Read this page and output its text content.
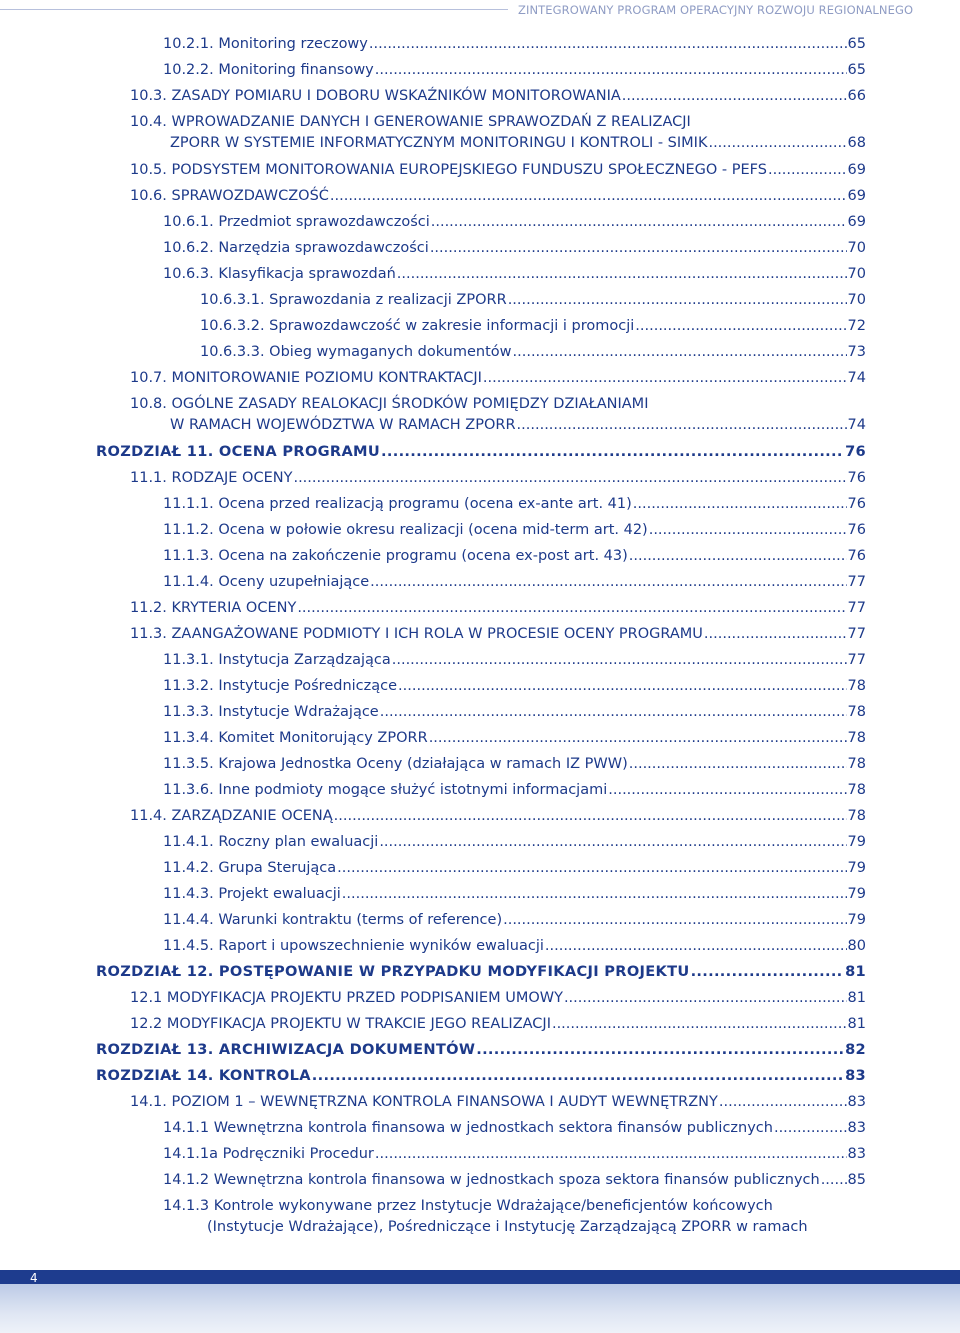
ZINTEGROWANY PROGRAM OPERACYJNY ROZWOJU REGIONALNEGO
10.2.1. Monitoring rzeczowy .....	65
10.2.2. Monitoring finansowy .....	65
10.3. ZASADY POMIARU I DOBORU WSKAŹNIKÓW MONITOROWANIA .....	66
10.4. WPROWADZANIE DANYCH I GENEROWANIE SPRAWOZDAŃ Z REALIZACJI
ZPORR W SYSTEMIE INFORMATYCZNYM MONITORINGU I KONTROLI - SIMIK .....	68
10.5. PODSYSTEM MONITOROWANIA EUROPEJSKIEGO FUNDUSZU SPOŁECZNEGO - PEFS .....	69
10.6. SPRAWOZDAWCZOŚĆ .....	69
10.6.1. Przedmiot sprawozdawczości .....	69
10.6.2. Narzędzia sprawozdawczości .....	70
10.6.3. Klasyfikacja sprawozdań .....	70
10.6.3.1. Sprawozdania z realizacji ZPORR .....	70
10.6.3.2. Sprawozdawczość w zakresie informacji i promocji .....	72
10.6.3.3. Obieg wymaganych dokumentów .....	73
10.7. MONITOROWANIE POZIOMU KONTRAKTACJI .....	74
10.8. OGÓLNE ZASADY REALOKACJI ŚRODKÓW POMIĘDZY DZIAŁANIAMI
W RAMACH WOJEWÓDZTWA W RAMACH ZPORR .....	74
ROZDZIAŁ 11. OCENA PROGRAMU .....	76
11.1. RODZAJE OCENY .....	76
11.1.1. Ocena przed realizacją programu (ocena ex-ante art. 41) .....	76
11.1.2. Ocena w połowie okresu realizacji (ocena mid-term art. 42) .....	76
11.1.3. Ocena na zakończenie programu (ocena ex-post art. 43) .....	76
11.1.4. Oceny uzupełniające .....	77
11.2. KRYTERIA OCENY .....	77
11.3. ZAANGAŻOWANE PODMIOTY I ICH ROLA W PROCESIE OCENY PROGRAMU .....	77
11.3.1. Instytucja Zarządzająca .....	77
11.3.2. Instytucje Pośredniczące .....	78
11.3.3. Instytucje Wdrażające .....	78
11.3.4. Komitet Monitorujący ZPORR .....	78
11.3.5. Krajowa Jednostka Oceny (działająca w ramach IZ PWW) .....	78
11.3.6. Inne podmioty mogące służyć istotnymi informacjami .....	78
11.4. ZARZĄDZANIE OCENĄ .....	78
11.4.1. Roczny plan ewaluacji .....	79
11.4.2. Grupa Sterująca .....	79
11.4.3. Projekt ewaluacji .....	79
11.4.4. Warunki kontraktu (terms of reference) .....	79
11.4.5. Raport i upowszechnienie wyników ewaluacji .....	80
ROZDZIAŁ 12. POSTĘPOWANIE W PRZYPADKU MODYFIKACJI PROJEKTU .....	81
12.1 MODYFIKACJA PROJEKTU PRZED PODPISANIEM UMOWY .....	81
12.2 MODYFIKACJA PROJEKTU W TRAKCIE JEGO REALIZACJI .....	81
ROZDZIAŁ 13. ARCHIWIZACJA DOKUMENTÓW .....	82
ROZDZIAŁ 14. KONTROLA .....	83
14.1. POZIOM 1 – WEWNĘTRZNA KONTROLA FINANSOWA I AUDYT WEWNĘTRZNY .....	83
14.1.1 Wewnętrzna kontrola finansowa w jednostkach sektora finansów publicznych .....	83
14.1.1a Podręczniki Procedur .....	83
14.1.2 Wewnętrzna kontrola finansowa w jednostkach spoza sektora finansów publicznych ..... 85
14.1.3 Kontrole wykonywane przez Instytucje Wdrażające/beneficjentów końcowych
(Instytucje Wdrażające), Pośredniczące i Instytucję Zarządzającą ZPORR w ramach
4
